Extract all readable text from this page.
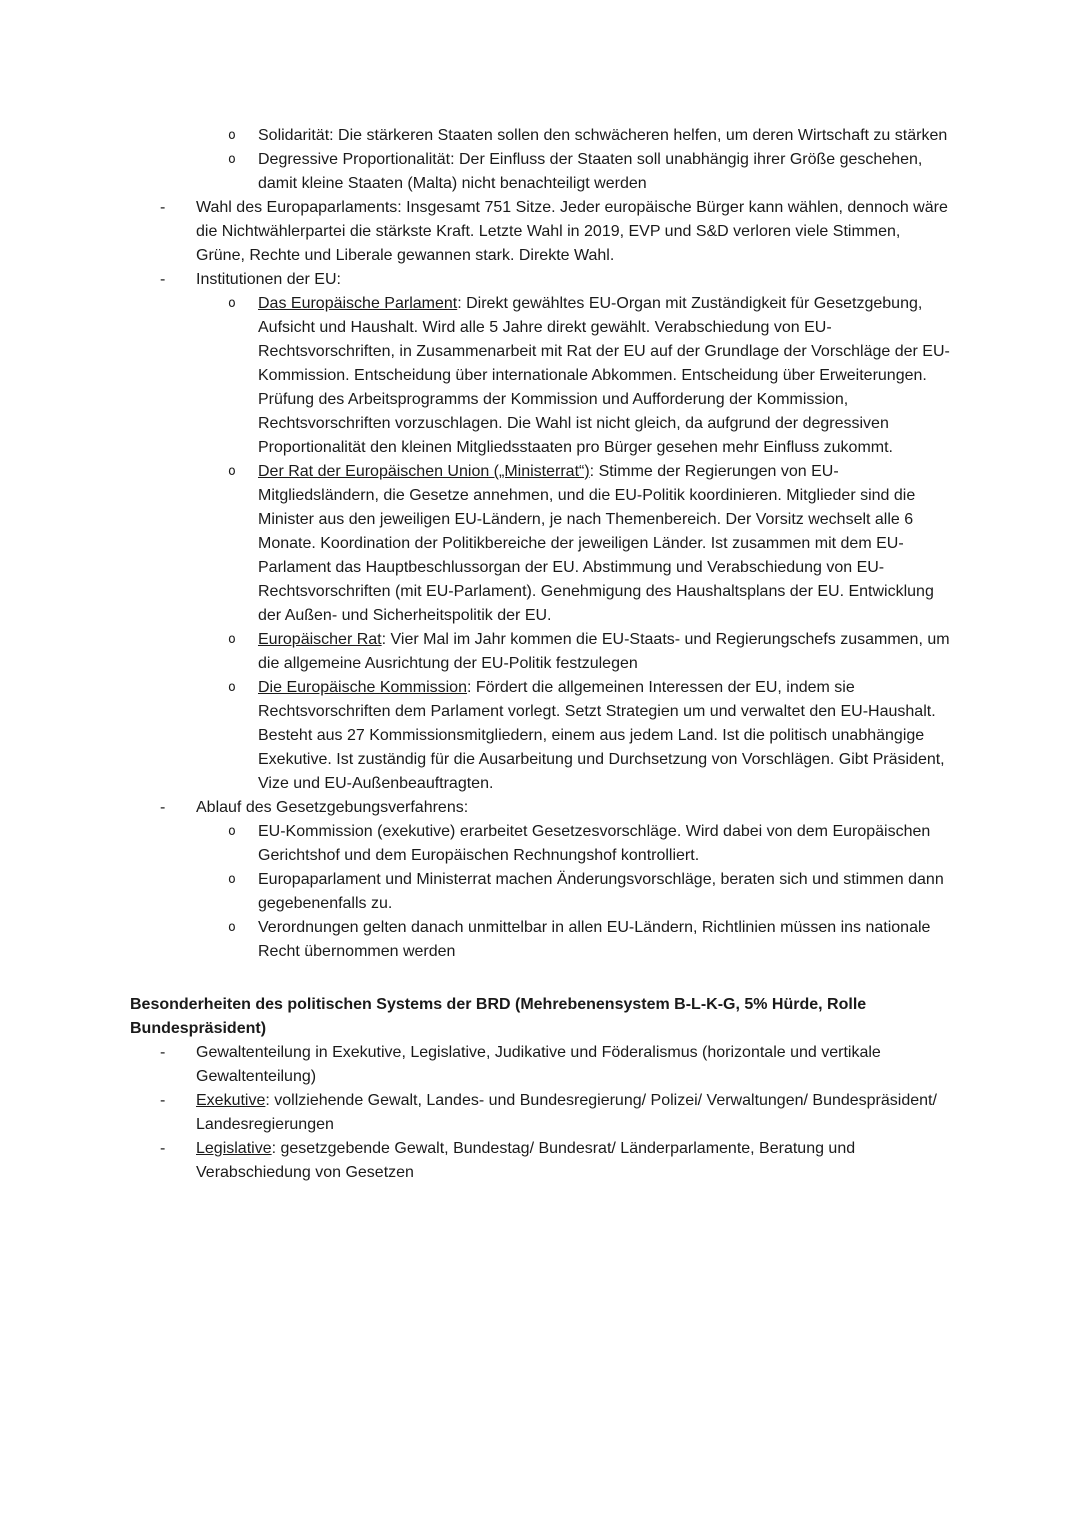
o	Solidarität: Die stärkeren Staaten sollen den schwächeren helfen, um deren Wirtschaft zu stärken

o	Degressive Proportionalität: Der Einfluss der Staaten soll unabhängig ihrer Größe geschehen, damit kleine Staaten (Malta) nicht benachteiligt werden

-	Wahl des Europaparlaments: Insgesamt 751 Sitze. Jeder europäische Bürger kann wählen, dennoch wäre die Nichtwählerpartei die stärkste Kraft. Letzte Wahl in 2019, EVP und S&D verloren viele Stimmen, Grüne, Rechte und Liberale gewannen stark. Direkte Wahl.

-	Institutionen der EU:

o	Das Europäische Parlament: Direkt gewähltes EU-Organ mit Zuständigkeit für Gesetzgebung, Aufsicht und Haushalt. Wird alle 5 Jahre direkt gewählt. Verabschiedung von EU-Rechtsvorschriften, in Zusammenarbeit mit Rat der EU auf der Grundlage der Vorschläge der EU-Kommission. Entscheidung über internationale Abkommen. Entscheidung über Erweiterungen. Prüfung des Arbeitsprogramms der Kommission und Aufforderung der Kommission, Rechtsvorschriften vorzuschlagen. Die Wahl ist nicht gleich, da aufgrund der degressiven Proportionalität den kleinen Mitgliedsstaaten pro Bürger gesehen mehr Einfluss zukommt.

o	Der Rat der Europäischen Union („Ministerrat“): Stimme der Regierungen von EU-Mitgliedsländern, die Gesetze annehmen, und die EU-Politik koordinieren. Mitglieder sind die Minister aus den jeweiligen EU-Ländern, je nach Themenbereich. Der Vorsitz wechselt alle 6 Monate. Koordination der Politikbereiche der jeweiligen Länder. Ist zusammen mit dem EU-Parlament das Hauptbeschlussorgan der EU. Abstimmung und Verabschiedung von EU-Rechtsvorschriften (mit EU-Parlament). Genehmigung des Haushaltsplans der EU. Entwicklung der Außen- und Sicherheitspolitik der EU.

o	Europäischer Rat: Vier Mal im Jahr kommen die EU-Staats- und Regierungschefs zusammen, um die allgemeine Ausrichtung der EU-Politik festzulegen

o	Die Europäische Kommission: Fördert die allgemeinen Interessen der EU, indem sie Rechtsvorschriften dem Parlament vorlegt. Setzt Strategien um und verwaltet den EU-Haushalt. Besteht aus 27 Kommissionsmitgliedern, einem aus jedem Land. Ist die politisch unabhängige Exekutive. Ist zuständig für die Ausarbeitung und Durchsetzung von Vorschlägen. Gibt Präsident, Vize und EU-Außenbeauftragten.

-	Ablauf des Gesetzgebungsverfahrens:

o	EU-Kommission (exekutive) erarbeitet Gesetzesvorschläge. Wird dabei von dem Europäischen Gerichtshof und dem Europäischen Rechnungshof kontrolliert.

o	Europaparlament und Ministerrat machen Änderungsvorschläge, beraten sich und stimmen dann gegebenenfalls zu.

o	Verordnungen gelten danach unmittelbar in allen EU-Ländern, Richtlinien müssen ins nationale Recht übernommen werden

Besonderheiten des politischen Systems der BRD (Mehrebenensystem B-L-K-G, 5% Hürde, Rolle Bundespräsident)
-	Gewaltenteilung in Exekutive, Legislative, Judikative und Föderalismus (horizontale und vertikale Gewaltenteilung)

-	Exekutive: vollziehende Gewalt, Landes- und Bundesregierung/ Polizei/ Verwaltungen/ Bundespräsident/ Landesregierungen

-	Legislative: gesetzgebende Gewalt, Bundestag/ Bundesrat/ Länderparlamente, Beratung und Verabschiedung von Gesetzen
